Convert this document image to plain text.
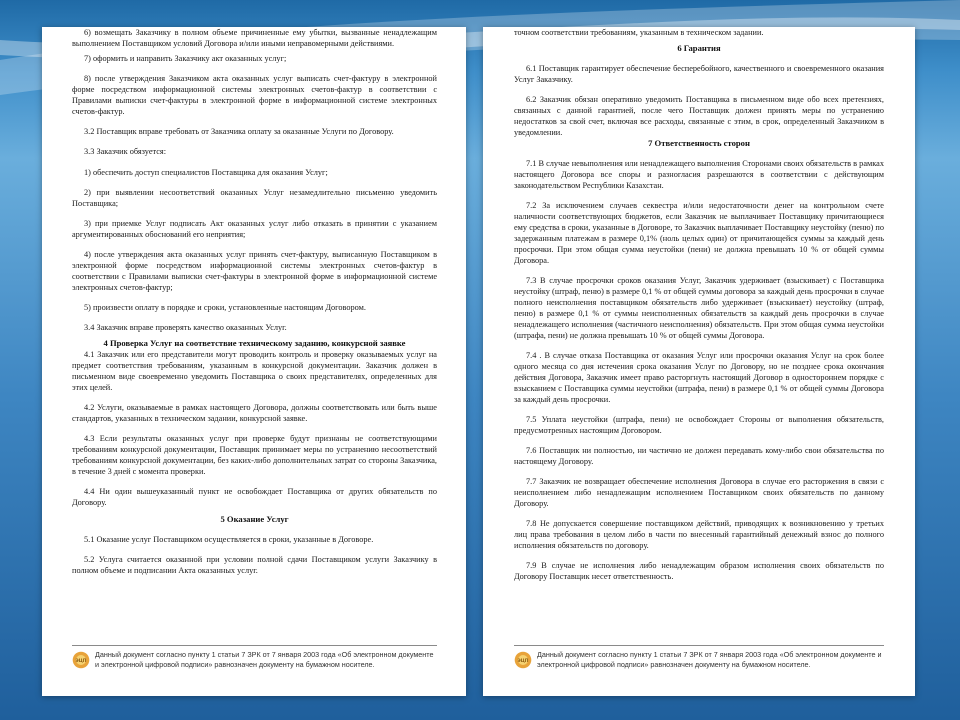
6) возмещать Заказчику в полном объеме причиненные ему убытки, вызванные ненадлежащим выполнением Поставщиком условий Договора и/или иными неправомерными действиями.

7) оформить и направить Заказчику акт оказанных услуг;

8) после утверждения Заказчиком акта оказанных услуг выписать счет-фактуру в электронной форме посредством информационной системы электронных счетов-фактур в соответствии с Правилами выписки счет-фактуры в электронной форме в информационной системе электронных счетов-фактур.

3.2 Поставщик вправе требовать от Заказчика оплату за оказанные Услуги по Договору.

3.3 Заказчик обязуется:

1) обеспечить доступ специалистов Поставщика для оказания Услуг;

2) при выявлении несоответствий оказанных Услуг незамедлительно письменно уведомить Поставщика;

3) при приемке Услуг подписать Акт оказанных услуг либо отказать в принятии с указанием аргументированных обоснований его неприятия;

4) после утверждения акта оказанных услуг принять счет-фактуру, выписанную Поставщиком в электронной форме посредством информационной системы электронных счетов-фактур в соответствии с Правилами выписки счет-фактуры в электронной форме в информационной системе электронных счетов-фактур;

5) произвести оплату в порядке и сроки, установленные настоящим Договором.

3.4 Заказчик вправе проверять качество оказанных Услуг.

4 Проверка Услуг на соответствие техническому заданию, конкурсной заявке

4.1 Заказчик или его представители могут проводить контроль и проверку оказываемых услуг на предмет соответствия требованиям, указанным в конкурсной документации. Заказчик должен в письменном виде своевременно уведомить Поставщика о своих представителях, определенных для этих целей.

4.2 Услуги, оказываемые в рамках настоящего Договора, должны соответствовать или быть выше стандартов, указанных в техническом задании, конкурсной заявке.

4.3 Если результаты оказанных услуг при проверке будут признаны не соответствующими требованиям конкурсной документации, Поставщик принимает меры по устранению несоответствий требованиям конкурсной документации, без каких-либо дополнительных затрат со стороны Заказчика, в течение 3 дней с момента проверки.

4.4 Ни один вышеуказанный пункт не освобождает Поставщика от других обязательств по Договору.

5 Оказание Услуг

5.1 Оказание услуг Поставщиком осуществляется в сроки, указанные в Договоре.

5.2 Услуга считается оказанной при условии полной сдачи Поставщиком услуги Заказчику в полном объеме и подписании Акта оказанных услуг.

ЭЦП
Данный документ согласно пункту 1 статьи 7 ЗРК от 7 января 2003 года «Об электронном документе и электронной цифровой подписи» равнозначен документу на бумажном носителе.

точном соответствии требованиям, указанным в техническом задании.

6 Гарантия

6.1 Поставщик гарантирует обеспечение бесперебойного, качественного и своевременного оказания Услуг Заказчику.

6.2 Заказчик обязан оперативно уведомить Поставщика в письменном виде обо всех претензиях, связанных с данной гарантией, после чего Поставщик должен принять меры по устранению недостатков за свой счет, включая все расходы, связанные с этим, в срок, определенный Заказчиком в уведомлении.

7 Ответственность сторон

7.1 В случае невыполнения или ненадлежащего выполнения Сторонами своих обязательств в рамках настоящего Договора все споры и разногласия разрешаются в соответствии с действующим законодательством Республики Казахстан.

7.2 За исключением случаев секвестра и/или недостаточности денег на контрольном счете наличности соответствующих бюджетов, если Заказчик не выплачивает Поставщику причитающиеся ему средства в сроки, указанные в Договоре, то Заказчик выплачивает Поставщику неустойку (пеню) по задержанным платежам в размере 0,1% (ноль целых один) от причитающейся суммы за каждый день просрочки. При этом общая сумма неустойки (пени) не должна превышать 10 % от общей суммы Договора.

7.3 В случае просрочки сроков оказания Услуг, Заказчик удерживает (взыскивает) с Поставщика неустойку (штраф, пеню) в размере 0,1 % от общей суммы договора за каждый день просрочки в случае полного неисполнения поставщиком обязательств либо удерживает (взыскивает) неустойку (штраф, пеню) в размере 0,1 % от суммы неисполненных обязательств за каждый день просрочки в случае ненадлежащего исполнения (частичного неисполнения) обязательств. При этом общая сумма неустойки (штрафа, пени) не должна превышать 10 % от общей суммы Договора.

7.4 . В случае отказа Поставщика от оказания Услуг или просрочки оказания Услуг на срок более одного месяца со дня истечения срока оказания Услуг по Договору, но не позднее срока окончания действия Договора, Заказчик имеет право расторгнуть настоящий Договор в одностороннем порядке с взысканием с Поставщика суммы неустойки (штрафа, пени) в размере 0,1 % от общей суммы Договора за каждый день просрочки.

7.5 Уплата неустойки (штрафа, пени) не освобождает Стороны от выполнения обязательств, предусмотренных настоящим Договором.

7.6 Поставщик ни полностью, ни частично не должен передавать кому-либо свои обязательства по настоящему Договору.

7.7 Заказчик не возвращает обеспечение исполнения Договора в случае его расторжения в связи с неисполнением либо ненадлежащим исполнением Поставщиком своих обязательств по данному Договору.

7.8 Не допускается совершение поставщиком действий, приводящих к возникновению у третьих лиц права требования в целом либо в части по внесенный гарантийный денежный взнос до полного исполнения обязательств по договору.

7.9 В случае не исполнения либо ненадлежащим образом исполнения своих обязательств по Договору Поставщик несет ответственность.

ЭЦП
Данный документ согласно пункту 1 статьи 7 ЗРК от 7 января 2003 года «Об электронном документе и электронной цифровой подписи» равнозначен документу на бумажном носителе.
